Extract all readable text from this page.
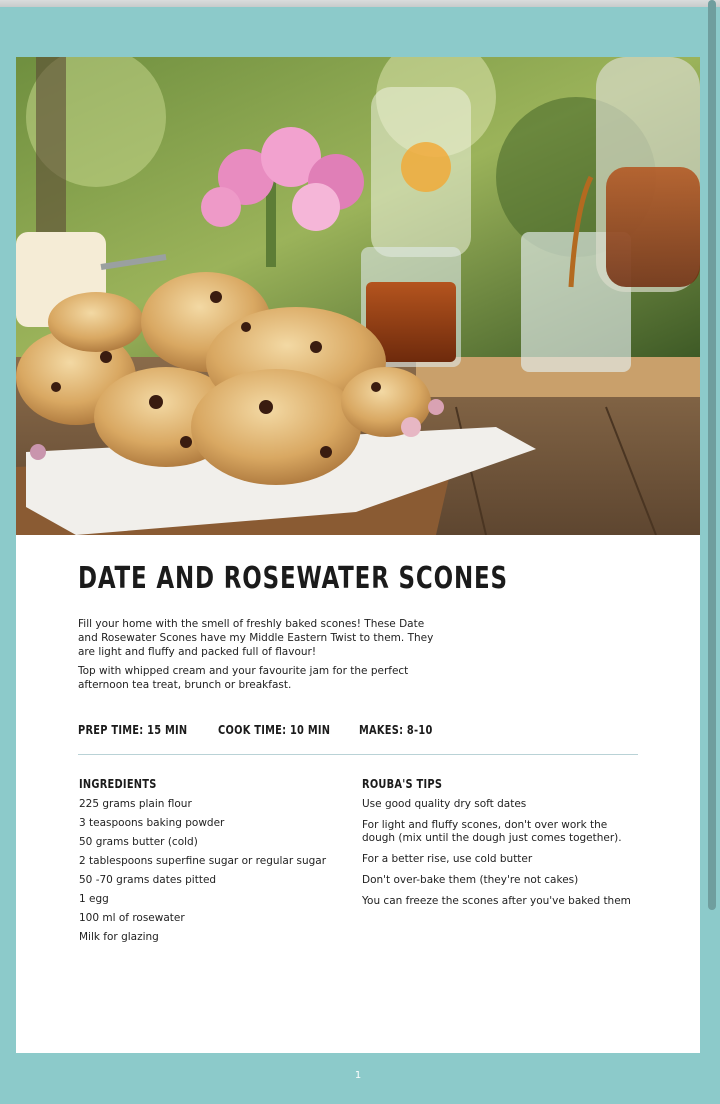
DATE AND ROSEWATER SCONES

Fill your home with the smell of freshly baked scones! These Date and Rosewater Scones have my Middle Eastern Twist to them. They are light and fluffy and packed full of flavour!

Top with whipped cream and your favourite jam for the perfect afternoon tea treat, brunch or breakfast.

PREP TIME: 15 MIN	COOK TIME: 10 MIN MAKES: 8-10
INGREDIENTS
225 grams plain flour
3 teaspoons baking powder
50 grams butter (cold)
2 tablespoons superfine sugar or regular sugar
50 -70 grams dates pitted
1 egg
100 ml of rosewater
Milk for glazing
ROUBA'S TIPS
Use good quality dry soft dates
For light and fluffy scones, don't over work the dough (mix until the dough just comes together).
For a better rise, use cold butter
Don't over-bake them (they're not cakes)
You can freeze the scones after you've baked them
1
